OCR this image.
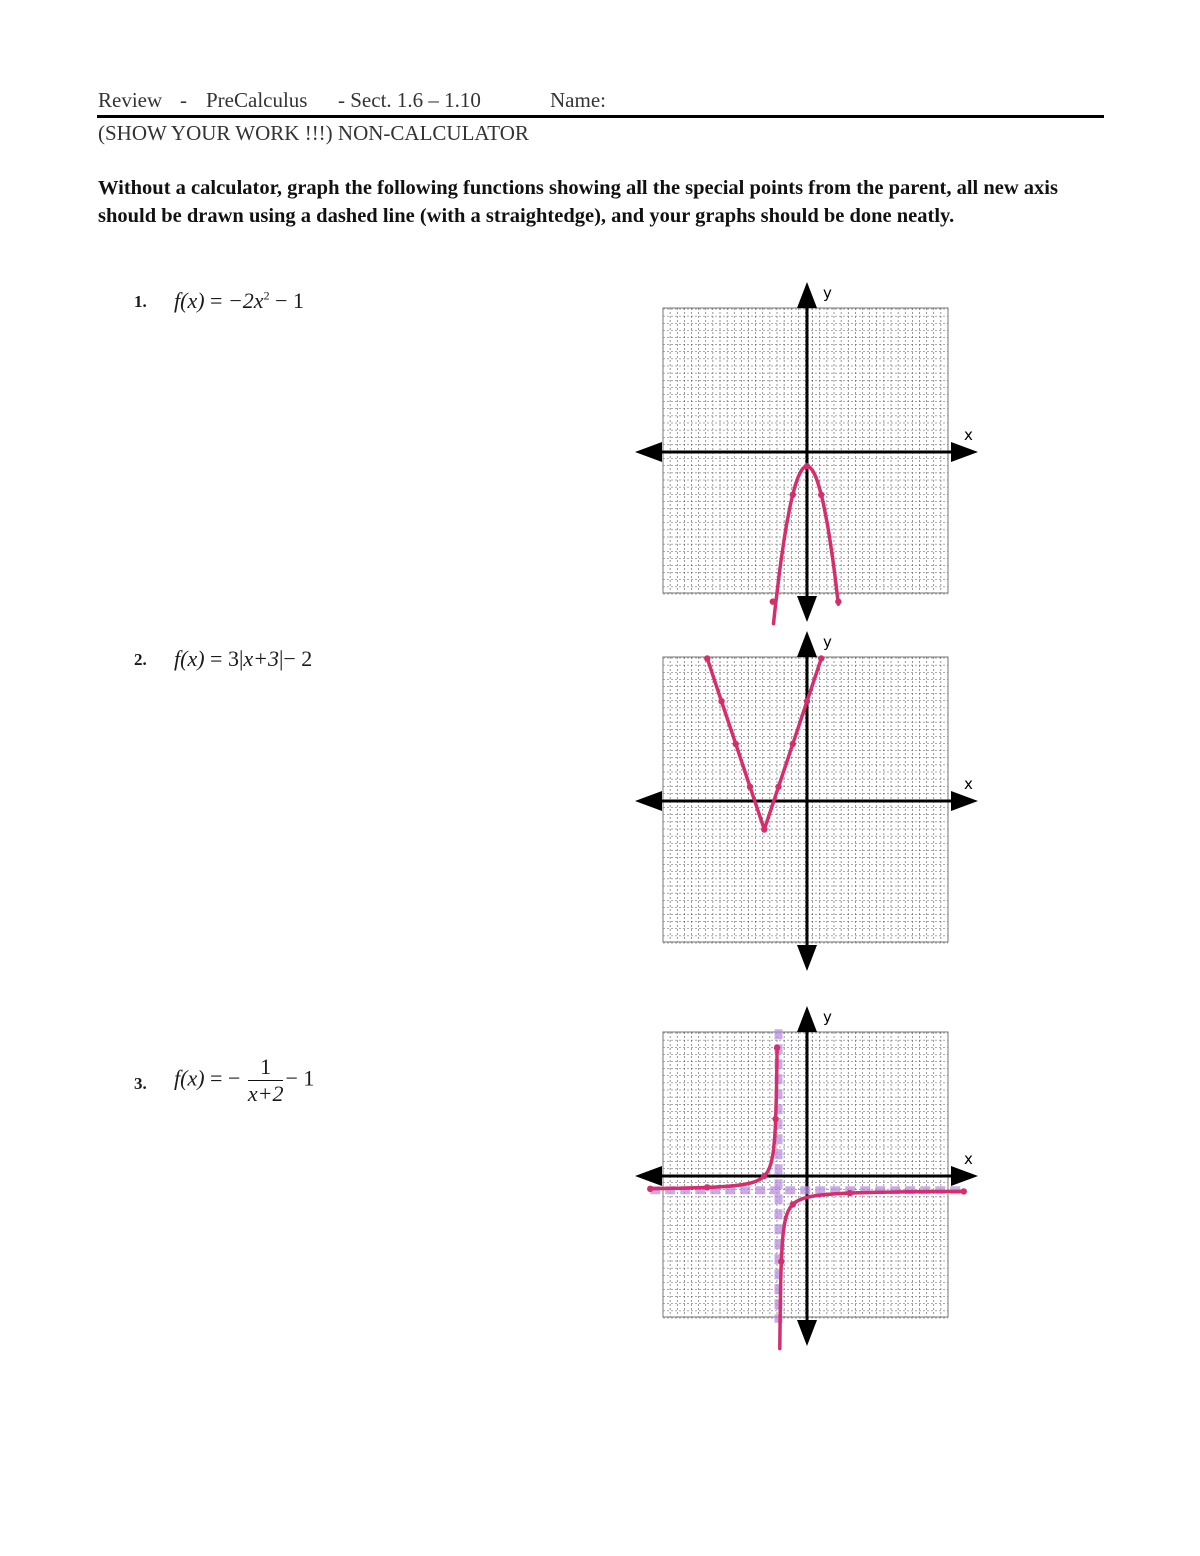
Review

-

PreCalculus

- Sect. 1.6 – 1.10

	Name:

(SHOW YOUR WORK !!!) NON-CALCULATOR
Without a calculator, graph the following functions showing all the special points from the parent, all new axis should be drawn using a dashed line (with a straightedge), and your graphs should be done neatly.
1. $f(x) = -2x^2 - 1$
2. f(x) = 3|x+3|− 2
3. f(x) = − $\frac{1}{x+2} - 1$
x
y
x
y
x
y
